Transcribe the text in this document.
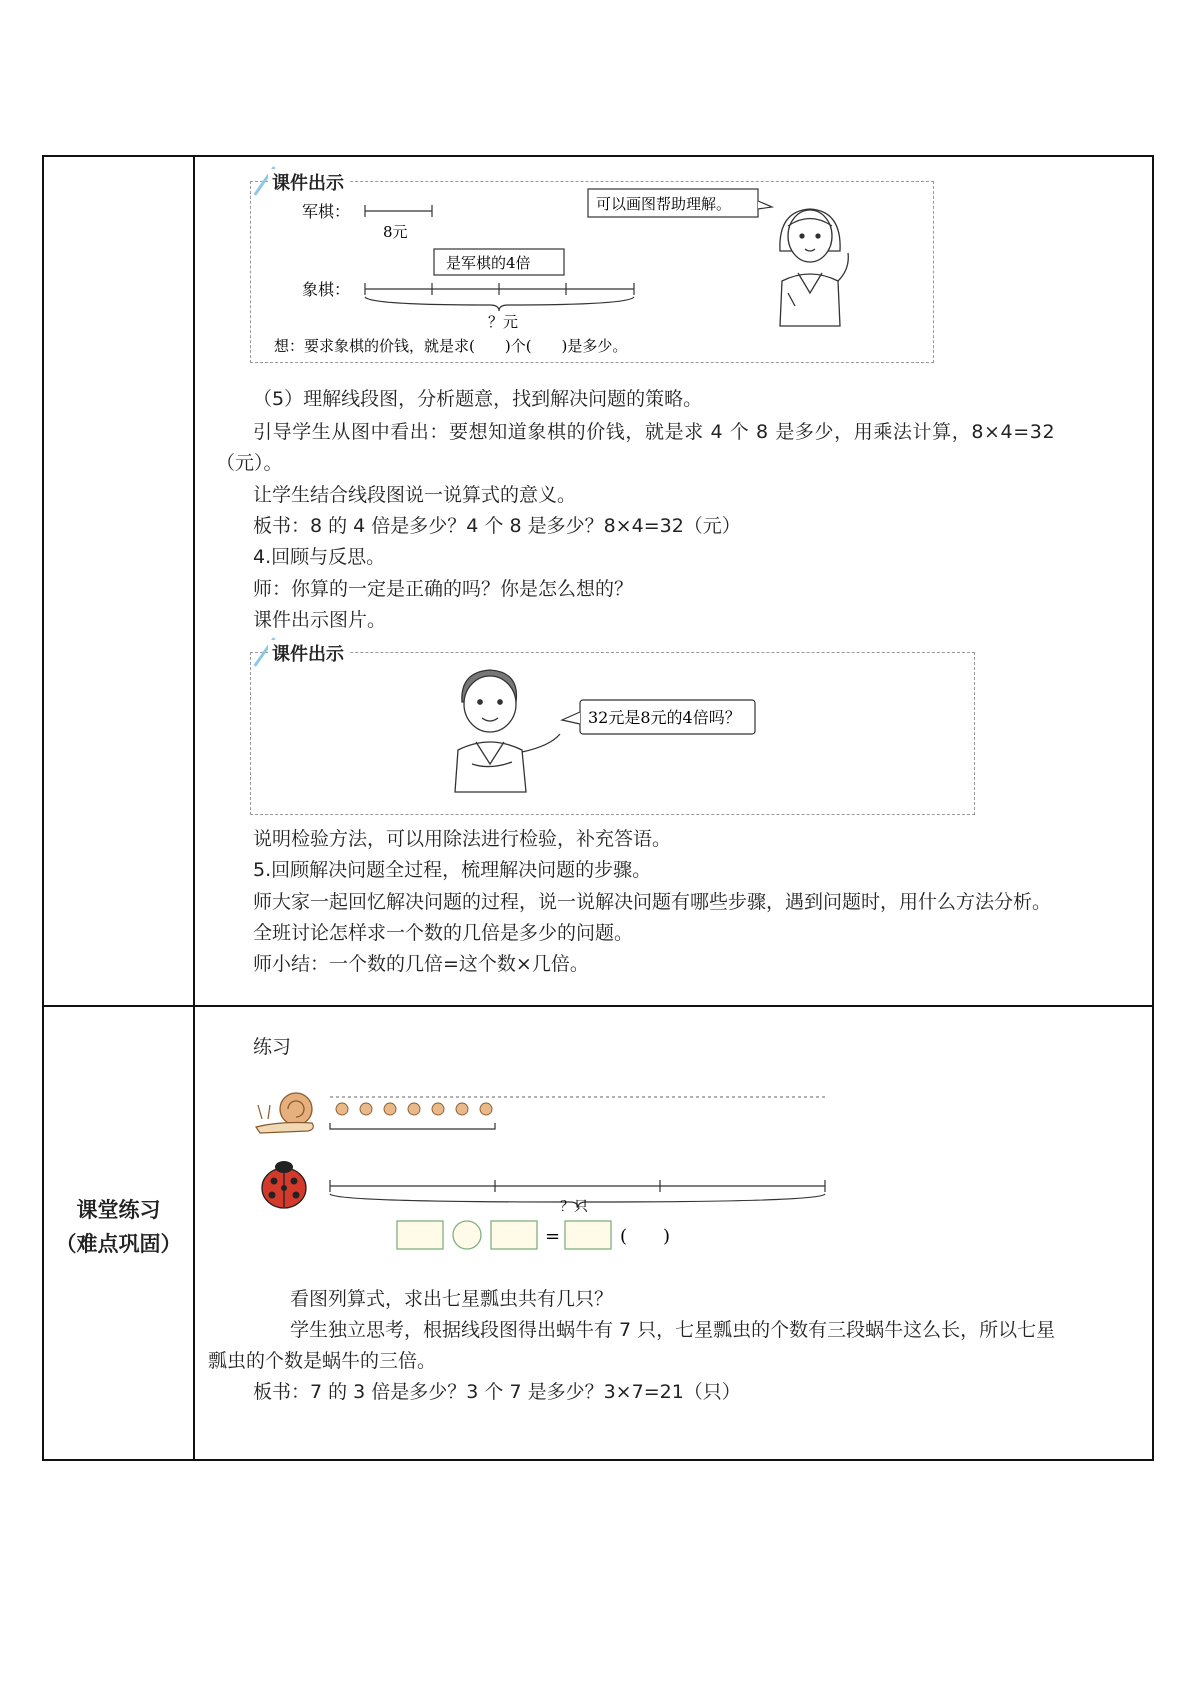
课堂练习
（难点巩固）
课件出示
军棋：
8元
是军棋的4倍
象棋：
？元
可以画图帮助理解。
想：要求象棋的价钱，就是求(　　)个(　　)是多少。
（5）理解线段图，分析题意，找到解决问题的策略。
引导学生从图中看出：要想知道象棋的价钱，就是求 4 个 8 是多少，用乘法计算，8×4=32
（元）。
让学生结合线段图说一说算式的意义。
板书：8 的 4 倍是多少？4 个 8 是多少？8×4=32（元）
4.回顾与反思。
师：你算的一定是正确的吗？你是怎么想的？
课件出示图片。
课件出示
32元是8元的4倍吗？
说明检验方法，可以用除法进行检验，补充答语。
5.回顾解决问题全过程，梳理解决问题的步骤。
师大家一起回忆解决问题的过程，说一说解决问题有哪些步骤，遇到问题时，用什么方法分析。
全班讨论怎样求一个数的几倍是多少的问题。
师小结：一个数的几倍=这个数×几倍。
练习
？只
=	(　　)
看图列算式，求出七星瓢虫共有几只？
学生独立思考，根据线段图得出蜗牛有 7 只，七星瓢虫的个数有三段蜗牛这么长，所以七星
瓢虫的个数是蜗牛的三倍。
板书：7 的 3 倍是多少？3 个 7 是多少？3×7=21（只）
